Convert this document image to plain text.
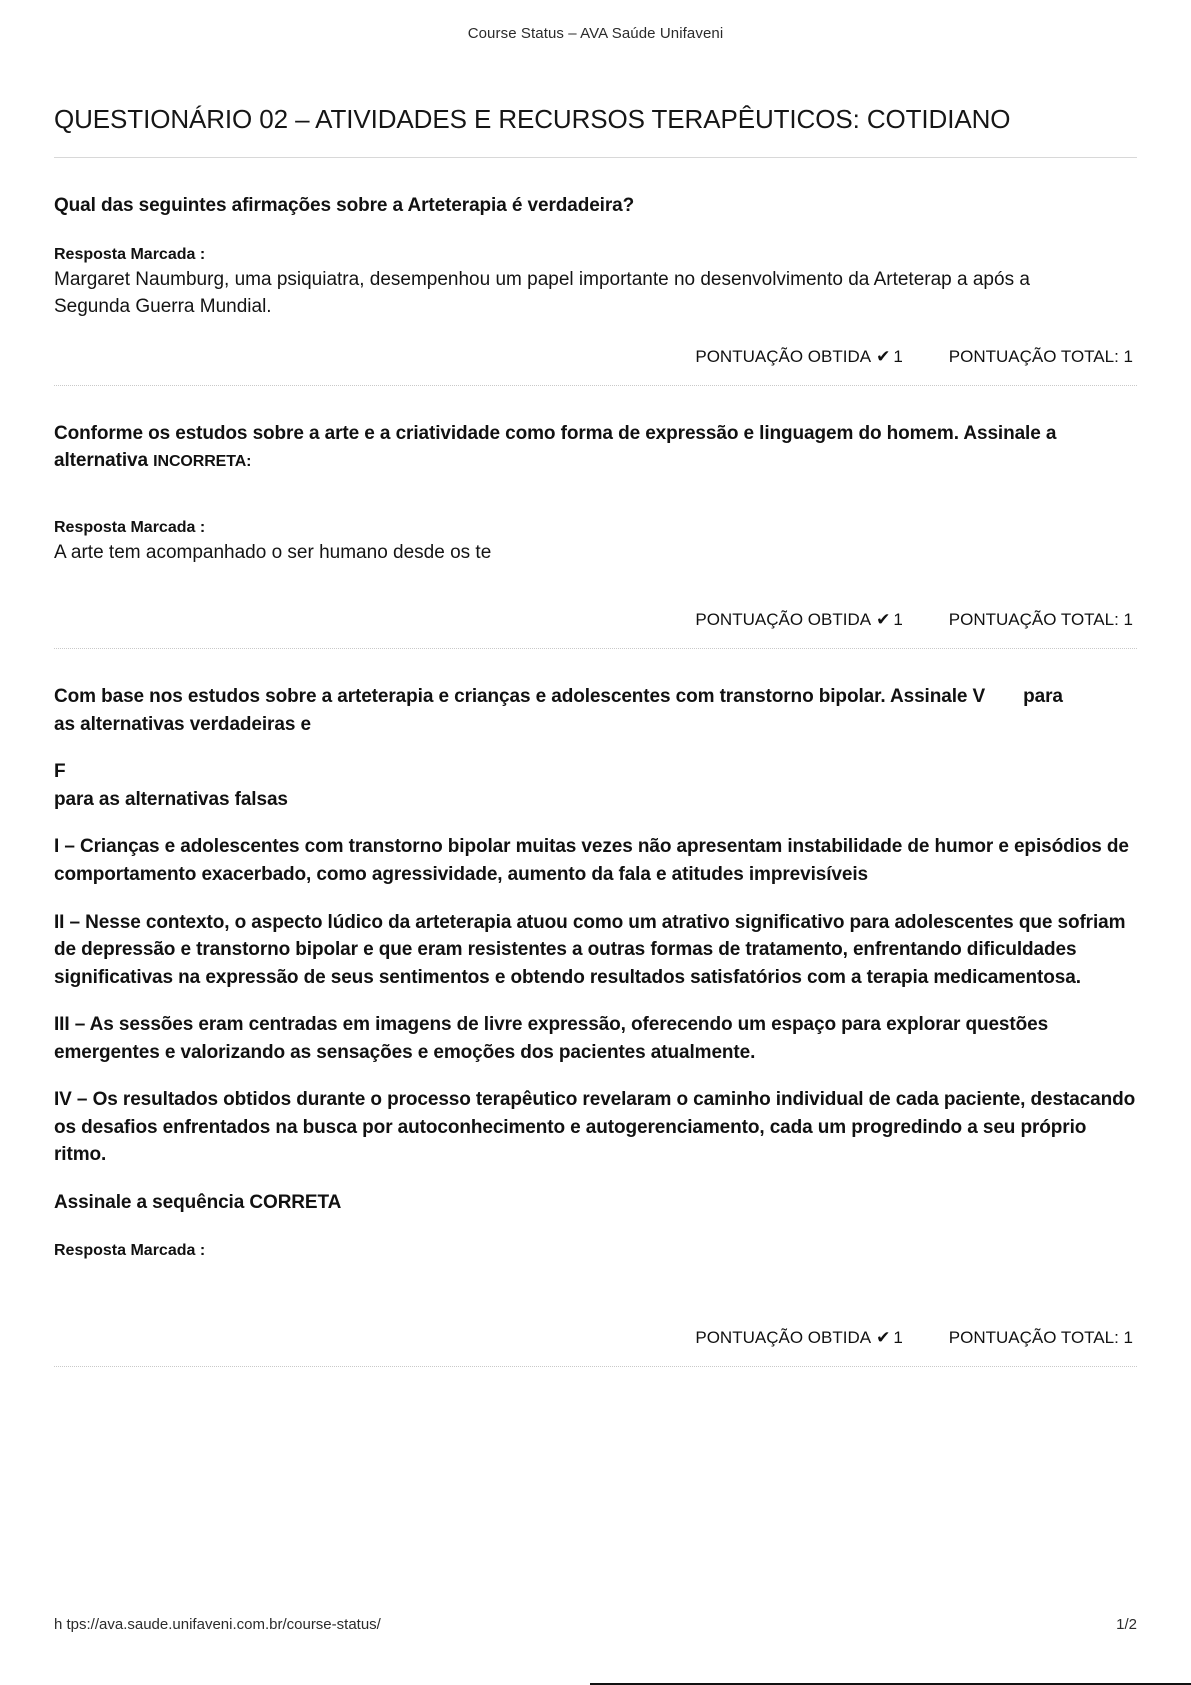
Course Status – AVA Saúde Unifaveni
QUESTIONÁRIO 02 – ATIVIDADES E RECURSOS TERAPÊUTICOS: COTIDIANO
Qual das seguintes afirmações sobre a Arteterapia é verdadeira?
Resposta Marcada :
Margaret Naumburg, uma psiquiatra, desempenhou um papel importante no desenvolvimento da Arteterap a após a Segunda Guerra Mundial.
PONTUAÇÃO OBTIDA ✔ 1	PONTUAÇÃO TOTAL: 1
Conforme os estudos sobre a arte e a criatividade como forma de expressão e linguagem do homem. Assinale a alternativa INCORRETA:
Resposta Marcada :
A arte tem acompanhado o ser humano desde os te
PONTUAÇÃO OBTIDA ✔ 1	PONTUAÇÃO TOTAL: 1
Com base nos estudos sobre a arteterapia e crianças e adolescentes com transtorno bipolar. Assinale V para
as alternativas verdadeiras e
F
para as alternativas falsas
I – Crianças e adolescentes com transtorno bipolar muitas vezes não apresentam instabilidade de humor e episódios de comportamento exacerbado, como agressividade, aumento da fala e atitudes imprevisíveis
II – Nesse contexto, o aspecto lúdico da arteterapia atuou como um atrativo significativo para adolescentes que sofriam de depressão e transtorno bipolar e que eram resistentes a outras formas de tratamento, enfrentando dificuldades significativas na expressão de seus sentimentos e obtendo resultados satisfatórios com a terapia medicamentosa.
III – As sessões eram centradas em imagens de livre expressão, oferecendo um espaço para explorar questões emergentes e valorizando as sensações e emoções dos pacientes atualmente.
IV – Os resultados obtidos durante o processo terapêutico revelaram o caminho individual de cada paciente, destacando os desafios enfrentados na busca por autoconhecimento e autogerenciamento, cada um progredindo a seu próprio ritmo.
Assinale a sequência CORRETA
Resposta Marcada :
PONTUAÇÃO OBTIDA ✔ 1	PONTUAÇÃO TOTAL: 1
h tps://ava.saude.unifaveni.com.br/course-status/	1/2
